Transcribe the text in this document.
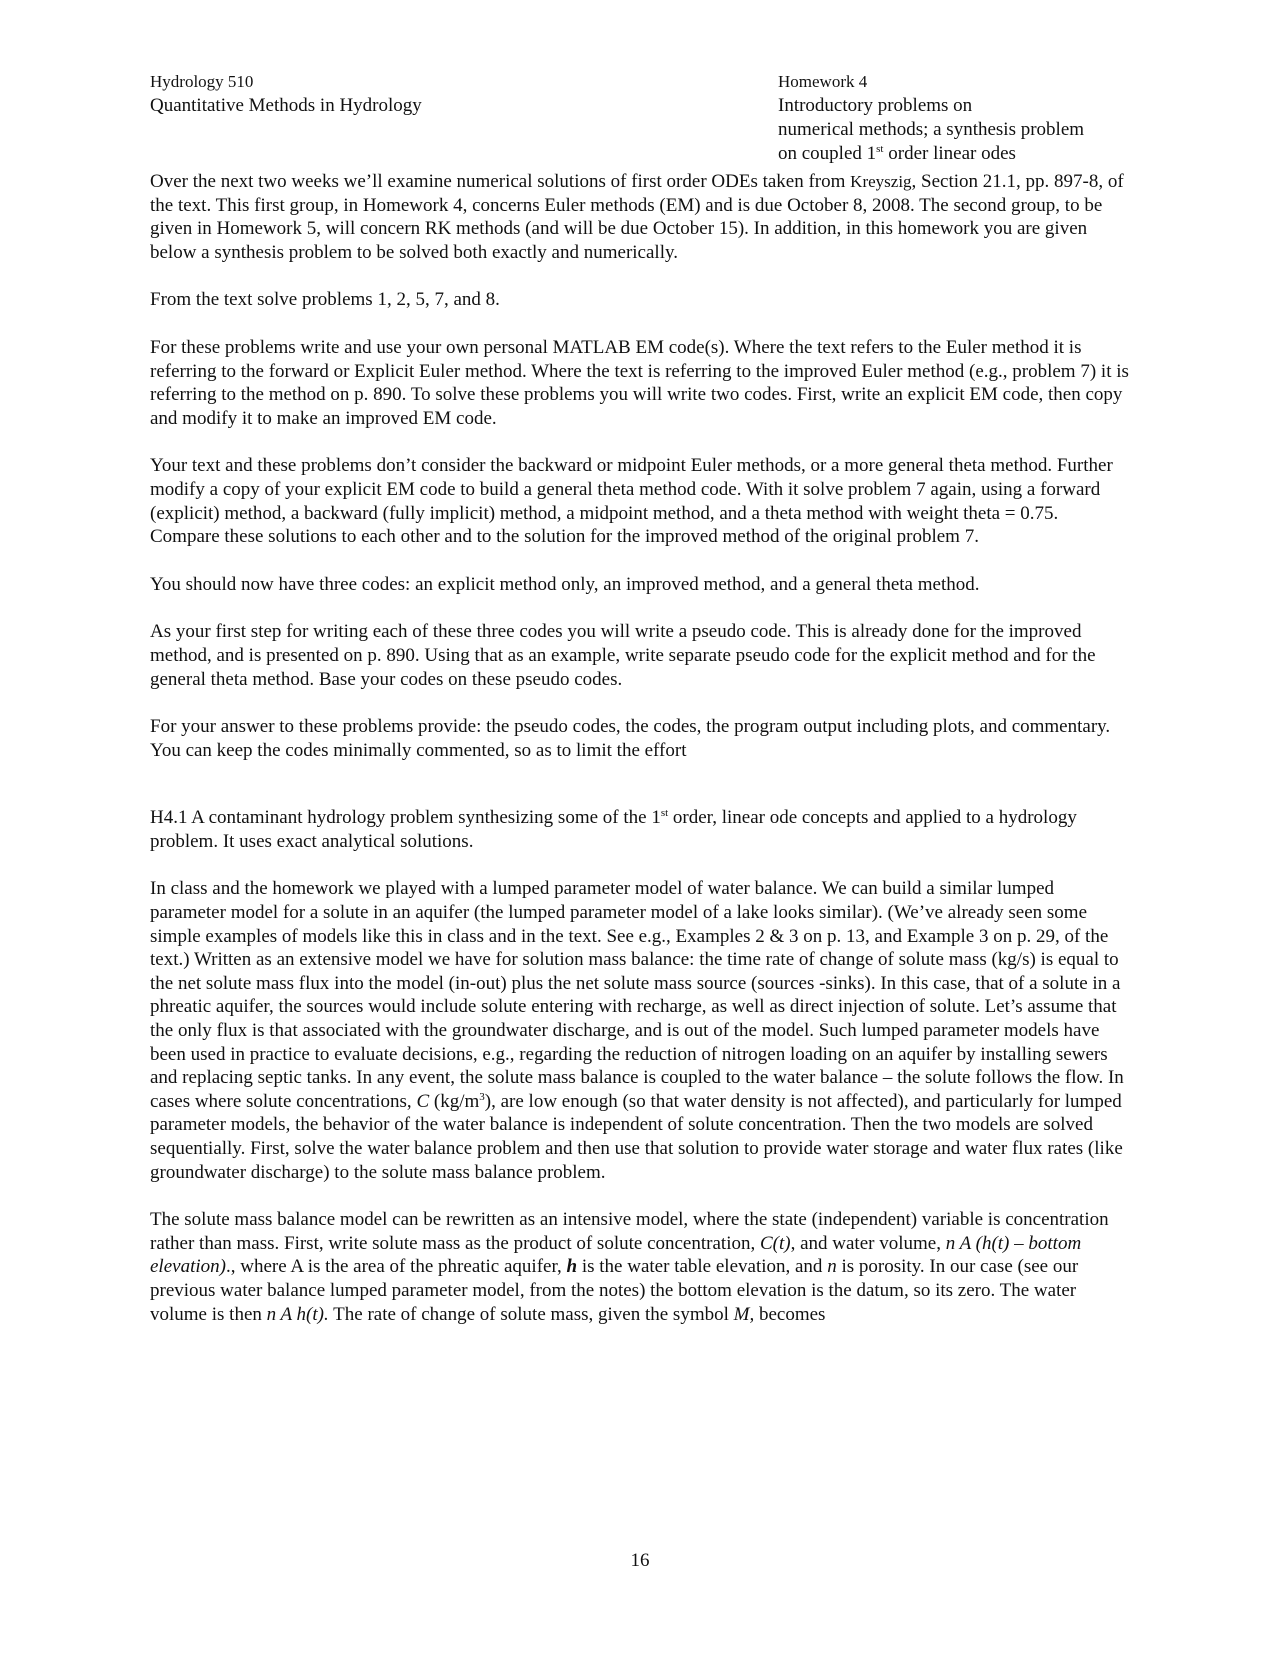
Hydrology 510
Quantitative Methods in Hydrology
Homework 4
Introductory problems on
numerical methods; a synthesis problem
on coupled 1st order linear odes

Over the next two weeks we’ll examine numerical solutions of first order ODEs taken from Kreyszig, Section 21.1, pp. 897-8, of the text. This first group, in Homework 4, concerns Euler methods (EM) and is due October 8, 2008. The second group, to be given in Homework 5, will concern RK methods (and will be due October 15). In addition, in this homework you are given below a synthesis problem to be solved both exactly and numerically.

From the text solve problems 1, 2, 5, 7, and 8.

For these problems write and use your own personal MATLAB EM code(s). Where the text refers to the Euler method it is referring to the forward or Explicit Euler method. Where the text is referring to the improved Euler method (e.g., problem 7) it is referring to the method on p. 890. To solve these problems you will write two codes. First, write an explicit EM code, then copy and modify it to make an improved EM code.

Your text and these problems don’t consider the backward or midpoint Euler methods, or a more general theta method. Further modify a copy of your explicit EM code to build a general theta method code. With it solve problem 7 again, using a forward (explicit) method, a backward (fully implicit) method, a midpoint method, and a theta method with weight theta = 0.75. Compare these solutions to each other and to the solution for the improved method of the original problem 7.

You should now have three codes: an explicit method only, an improved method, and a general theta method.

As your first step for writing each of these three codes you will write a pseudo code. This is already done for the improved method, and is presented on p. 890. Using that as an example, write separate pseudo code for the explicit method and for the general theta method. Base your codes on these pseudo codes.

For your answer to these problems provide: the pseudo codes, the codes, the program output including plots, and commentary. You can keep the codes minimally commented, so as to limit the effort

H4.1 A contaminant hydrology problem synthesizing some of the 1st order, linear ode concepts and applied to a hydrology problem. It uses exact analytical solutions.

In class and the homework we played with a lumped parameter model of water balance. We can build a similar lumped parameter model for a solute in an aquifer (the lumped parameter model of a lake looks similar). (We’ve already seen some simple examples of models like this in class and in the text. See e.g., Examples 2 & 3 on p. 13, and Example 3 on p. 29, of the text.) Written as an extensive model we have for solution mass balance: the time rate of change of solute mass (kg/s) is equal to the net solute mass flux into the model (in-out) plus the net solute mass source (sources -sinks). In this case, that of a solute in a phreatic aquifer, the sources would include solute entering with recharge, as well as direct injection of solute. Let’s assume that the only flux is that associated with the groundwater discharge, and is out of the model. Such lumped parameter models have been used in practice to evaluate decisions, e.g., regarding the reduction of nitrogen loading on an aquifer by installing sewers and replacing septic tanks. In any event, the solute mass balance is coupled to the water balance – the solute follows the flow. In cases where solute concentrations, C $(kg/m^3)$, are low enough (so that water density is not affected), and particularly for lumped parameter models, the behavior of the water balance is independent of solute concentration. Then the two models are solved sequentially. First, solve the water balance problem and then use that solution to provide water storage and water flux rates (like groundwater discharge) to the solute mass balance problem.

The solute mass balance model can be rewritten as an intensive model, where the state (independent) variable is concentration rather than mass. First, write solute mass as the product of solute concentration, C(t), and water volume, n A (h(t) – bottom elevation)., where A is the area of the phreatic aquifer, h is the water table elevation, and n is porosity. In our case (see our previous water balance lumped parameter model, from the notes) the bottom elevation is the datum, so its zero. The water volume is then n A h(t). The rate of change of solute mass, given the symbol M, becomes

16
